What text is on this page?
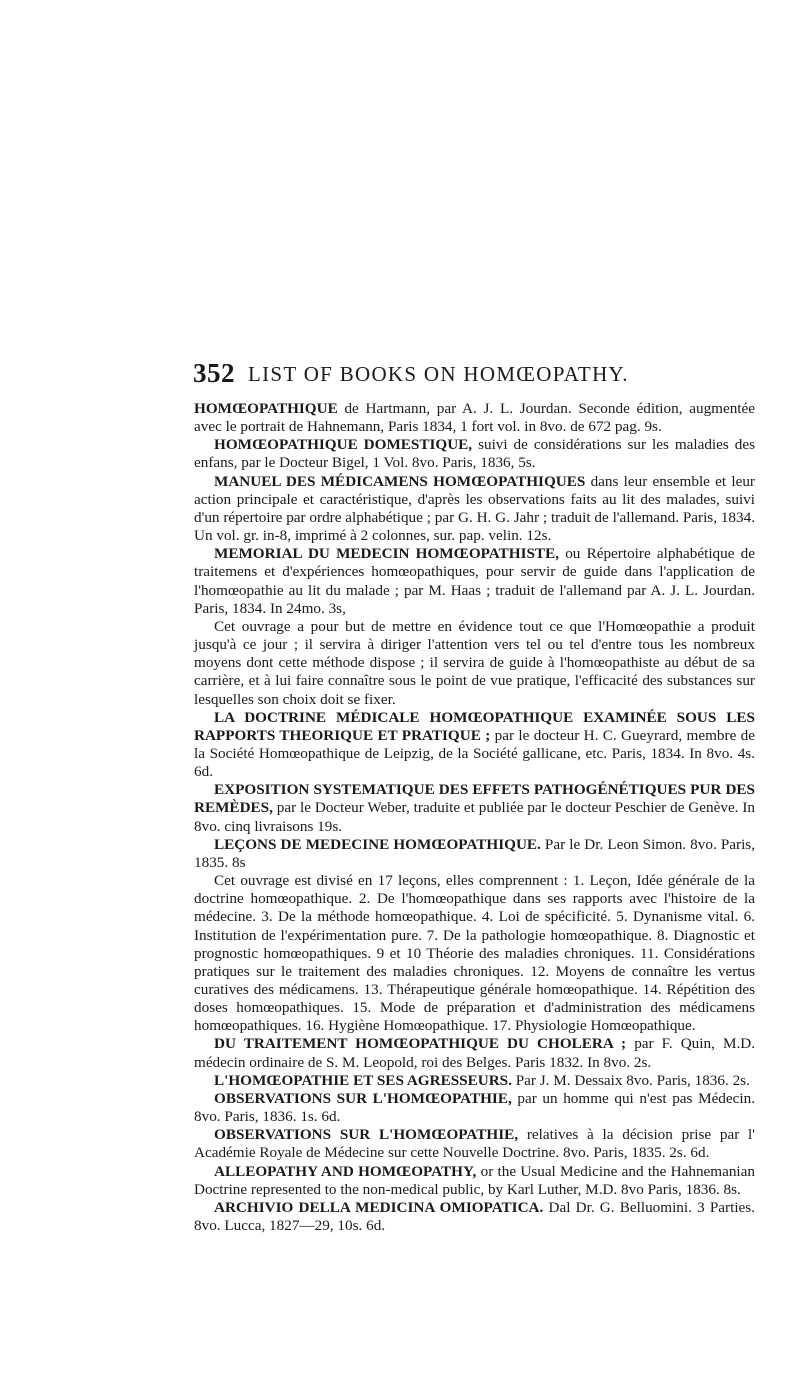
352 LIST OF BOOKS ON HOMŒOPATHY.

HOMŒOPATHIQUE de Hartmann, par A. J. L. Jourdan. Seconde édition, augmentée avec le portrait de Hahnemann, Paris 1834, 1 fort vol. in 8vo. de 672 pag. 9s.

HOMŒOPATHIQUE DOMESTIQUE, suivi de considérations sur les maladies des enfans, par le Docteur Bigel, 1 Vol. 8vo. Paris, 1836, 5s.

MANUEL DES MÉDICAMENS HOMŒOPATHIQUES dans leur ensemble et leur action principale et caractéristique, d'après les observations faits au lit des malades, suivi d'un répertoire par ordre alphabétique ; par G. H. G. Jahr ; traduit de l'allemand. Paris, 1834. Un vol. gr. in-8, imprimé à 2 colonnes, sur. pap. velin. 12s.

MEMORIAL DU MEDECIN HOMŒOPATHISTE, ou Répertoire alphabétique de traitemens et d'expériences homœopathiques, pour servir de guide dans l'application de l'homœopathie au lit du malade ; par M. Haas ; traduit de l'allemand par A. J. L. Jourdan. Paris, 1834. In 24mo. 3s,

Cet ouvrage a pour but de mettre en évidence tout ce que l'Homœopathie a produit jusqu'à ce jour ; il servira à diriger l'attention vers tel ou tel d'entre tous les nombreux moyens dont cette méthode dispose ; il servira de guide à l'homœopathiste au début de sa carrière, et à lui faire connaître sous le point de vue pratique, l'efficacité des substances sur lesquelles son choix doit se fixer.

LA DOCTRINE MÉDICALE HOMŒOPATHIQUE EXAMINÉE SOUS LES RAPPORTS THEORIQUE ET PRATIQUE ; par le docteur H. C. Gueyrard, membre de la Société Homœopathique de Leipzig, de la Société gallicane, etc. Paris, 1834. In 8vo. 4s. 6d.

EXPOSITION SYSTEMATIQUE DES EFFETS PATHOGÉNÉTIQUES PUR DES REMÈDES, par le Docteur Weber, traduite et publiée par le docteur Peschier de Genève. In 8vo. cinq livraisons 19s.

LEÇONS DE MEDECINE HOMŒOPATHIQUE. Par le Dr. Leon Simon. 8vo. Paris, 1835. 8s

Cet ouvrage est divisé en 17 leçons, elles comprennent : 1. Leçon, Idée générale de la doctrine homœopathique. 2. De l'homœopathique dans ses rapports avec l'histoire de la médecine. 3. De la méthode homœopathique. 4. Loi de spécificité. 5. Dynanisme vital. 6. Institution de l'expérimentation pure. 7. De la pathologie homœopathique. 8. Diagnostic et prognostic homœopathiques. 9 et 10 Théorie des maladies chroniques. 11. Considérations pratiques sur le traitement des maladies chroniques. 12. Moyens de connaître les vertus curatives des médicamens. 13. Thérapeutique générale homœopathique. 14. Répétition des doses homœopathiques. 15. Mode de préparation et d'administration des médicamens homœopathiques. 16. Hygiène Homœopathique. 17. Physiologie Homœopathique.

DU TRAITEMENT HOMŒOPATHIQUE DU CHOLERA ; par F. Quin, M.D. médecin ordinaire de S. M. Leopold, roi des Belges. Paris 1832. In 8vo. 2s.

L'HOMŒOPATHIE ET SES AGRESSEURS. Par J. M. Dessaix 8vo. Paris, 1836. 2s.

OBSERVATIONS SUR L'HOMŒOPATHIE, par un homme qui n'est pas Médecin. 8vo. Paris, 1836. 1s. 6d.

OBSERVATIONS SUR L'HOMŒOPATHIE, relatives à la décision prise par l' Académie Royale de Médecine sur cette Nouvelle Doctrine. 8vo. Paris, 1835. 2s. 6d.

ALLEOPATHY AND HOMŒOPATHY, or the Usual Medicine and the Hahnemanian Doctrine represented to the non-medical public, by Karl Luther, M.D. 8vo Paris, 1836. 8s.

ARCHIVIO DELLA MEDICINA OMIOPATICA. Dal Dr. G. Belluomini. 3 Parties. 8vo. Lucca, 1827—29, 10s. 6d.
